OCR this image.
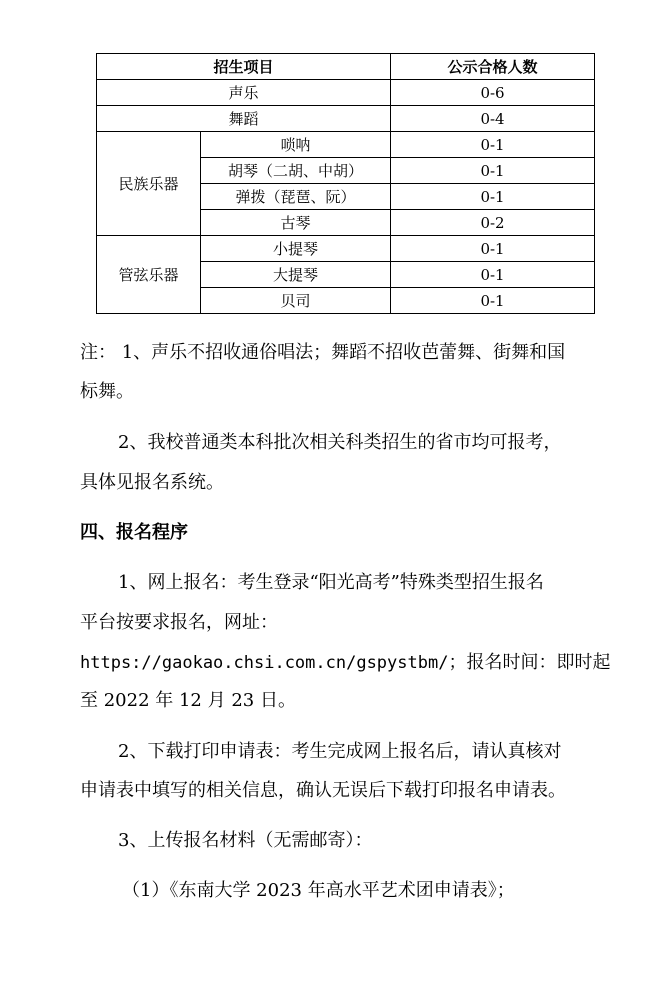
招生项目		公示合格人数
声乐		0-6
舞蹈		0-4
民族乐器	唢呐	0-1
	胡琴（二胡、中胡）	0-1
	弹拨（琵琶、阮）	0-1
	古琴	0-2
管弦乐器	小提琴	0-1
	大提琴	0-1
	贝司	0-1
注： 1、声乐不招收通俗唱法；舞蹈不招收芭蕾舞、街舞和国
标舞。
2、我校普通类本科批次相关科类招生的省市均可报考，
具体见报名系统。
四、报名程序
1、网上报名：考生登录“阳光高考”特殊类型招生报名
平台按要求报名，网址：
https://gaokao.chsi.com.cn/gspystbm/；报名时间：即时起
至 2022 年 12 月 23 日。
2、下载打印申请表：考生完成网上报名后，请认真核对
申请表中填写的相关信息，确认无误后下载打印报名申请表。
3、上传报名材料（无需邮寄）：
（1）《东南大学 2023 年高水平艺术团申请表》；
